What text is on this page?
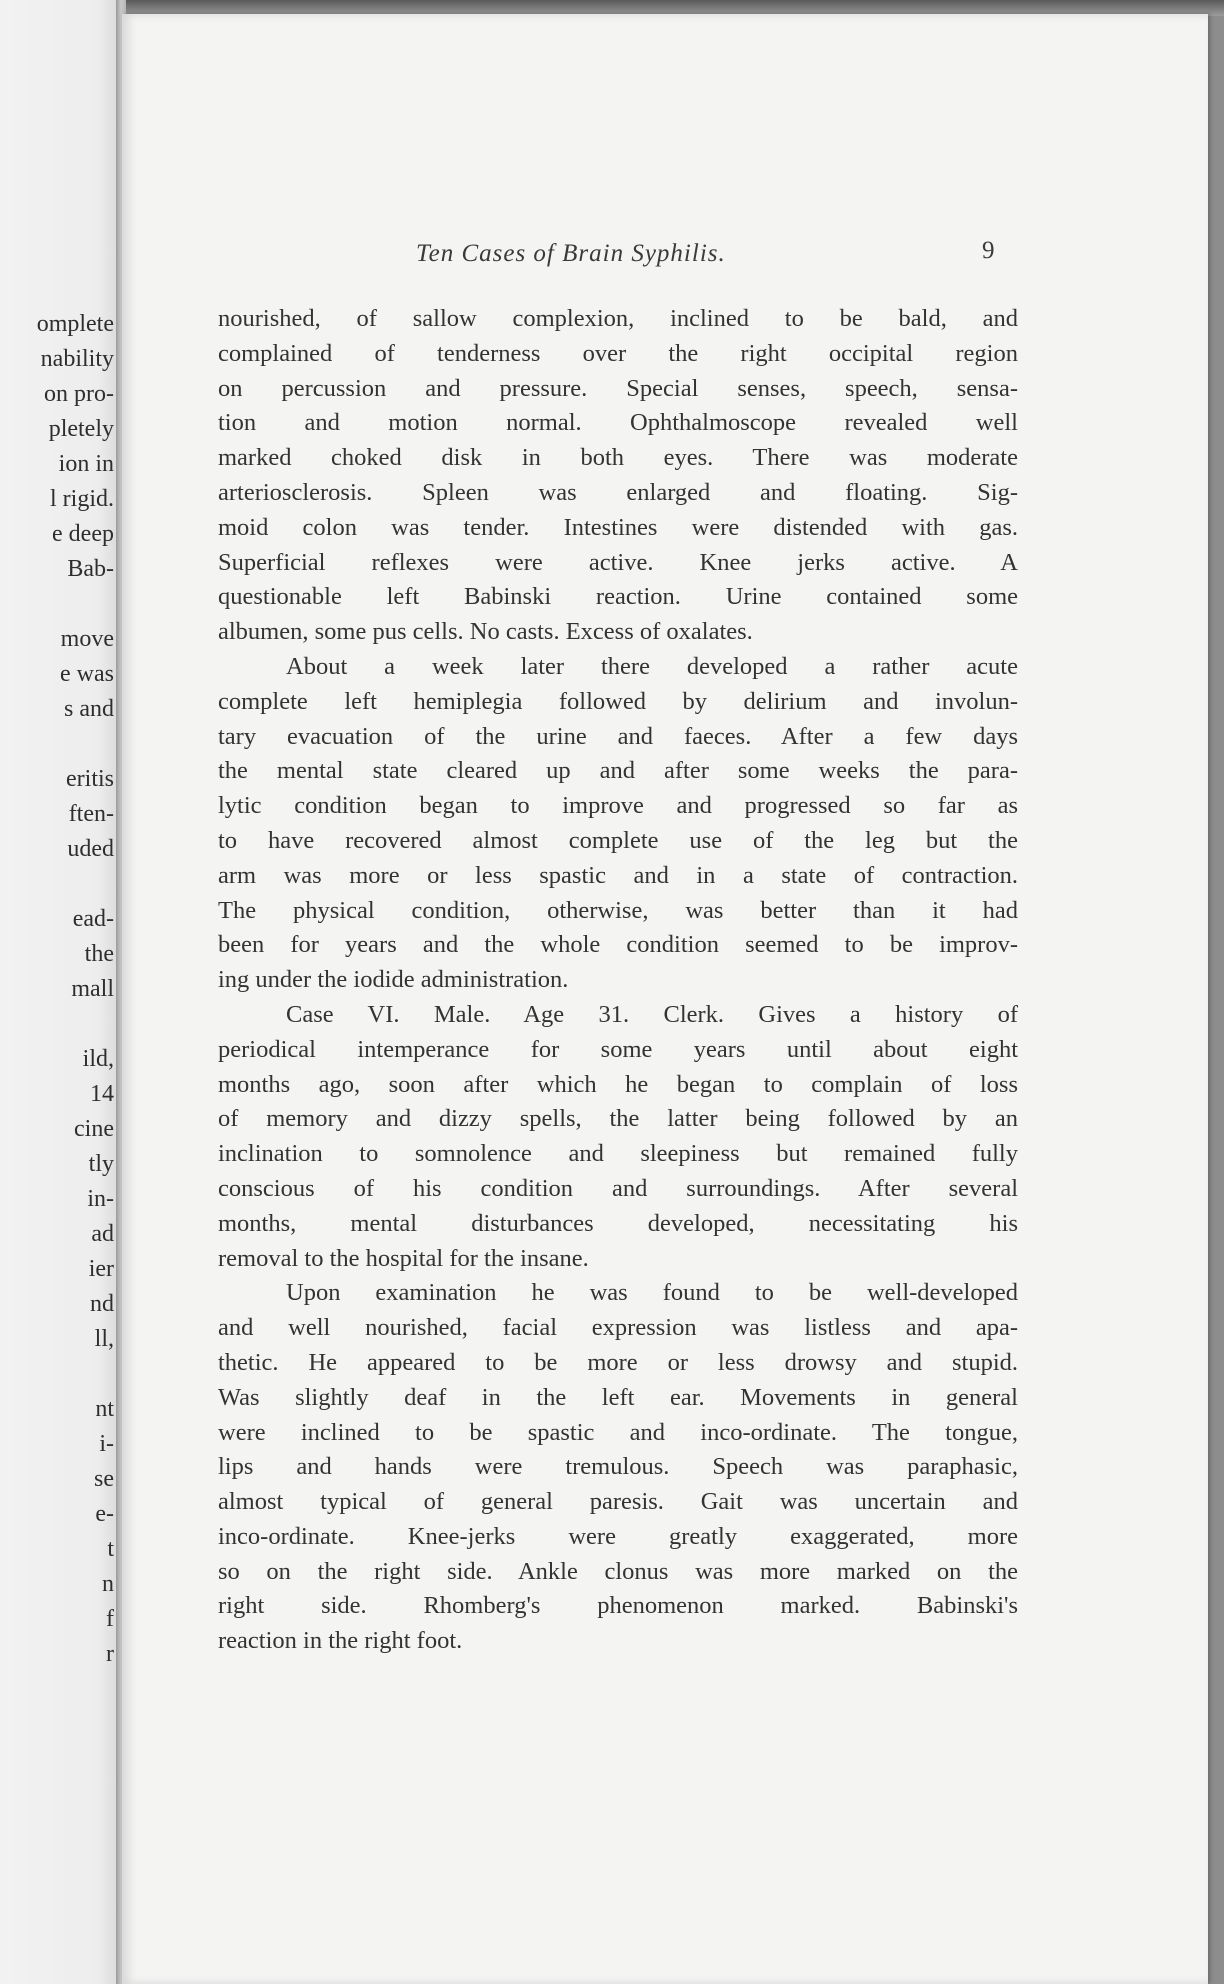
omplete
nability
on pro-
pletely
ion in
l rigid.
e deep
Bab-
move
e was
s and
eritis
ften-
uded
ead-
the
mall
ild,
14
cine
tly
in-
ad
ier
nd
ll,
nt
i-
se
e-
t
n
f
r
Ten Cases of Brain Syphilis.	9
nourished, of sallow complexion, inclined to be bald, and
complained of tenderness over the right occipital region
on percussion and pressure. Special senses, speech, sensa-
tion and motion normal. Ophthalmoscope revealed well
marked choked disk in both eyes. There was moderate
arteriosclerosis. Spleen was enlarged and floating. Sig-
moid colon was tender. Intestines were distended with gas.
Superficial reflexes were active. Knee jerks active. A
questionable left Babinski reaction. Urine contained some
albumen, some pus cells. No casts. Excess of oxalates.
About a week later there developed a rather acute
complete left hemiplegia followed by delirium and involun-
tary evacuation of the urine and faeces. After a few days
the mental state cleared up and after some weeks the para-
lytic condition began to improve and progressed so far as
to have recovered almost complete use of the leg but the
arm was more or less spastic and in a state of contraction.
The physical condition, otherwise, was better than it had
been for years and the whole condition seemed to be improv-
ing under the iodide administration.
Case VI. Male. Age 31. Clerk. Gives a history of
periodical intemperance for some years until about eight
months ago, soon after which he began to complain of loss
of memory and dizzy spells, the latter being followed by an
inclination to somnolence and sleepiness but remained fully
conscious of his condition and surroundings. After several
months, mental disturbances developed, necessitating his
removal to the hospital for the insane.
Upon examination he was found to be well-developed
and well nourished, facial expression was listless and apa-
thetic. He appeared to be more or less drowsy and stupid.
Was slightly deaf in the left ear. Movements in general
were inclined to be spastic and inco-ordinate. The tongue,
lips and hands were tremulous. Speech was paraphasic,
almost typical of general paresis. Gait was uncertain and
inco-ordinate. Knee-jerks were greatly exaggerated, more
so on the right side. Ankle clonus was more marked on the
right side. Rhomberg's phenomenon marked. Babinski's
reaction in the right foot.
